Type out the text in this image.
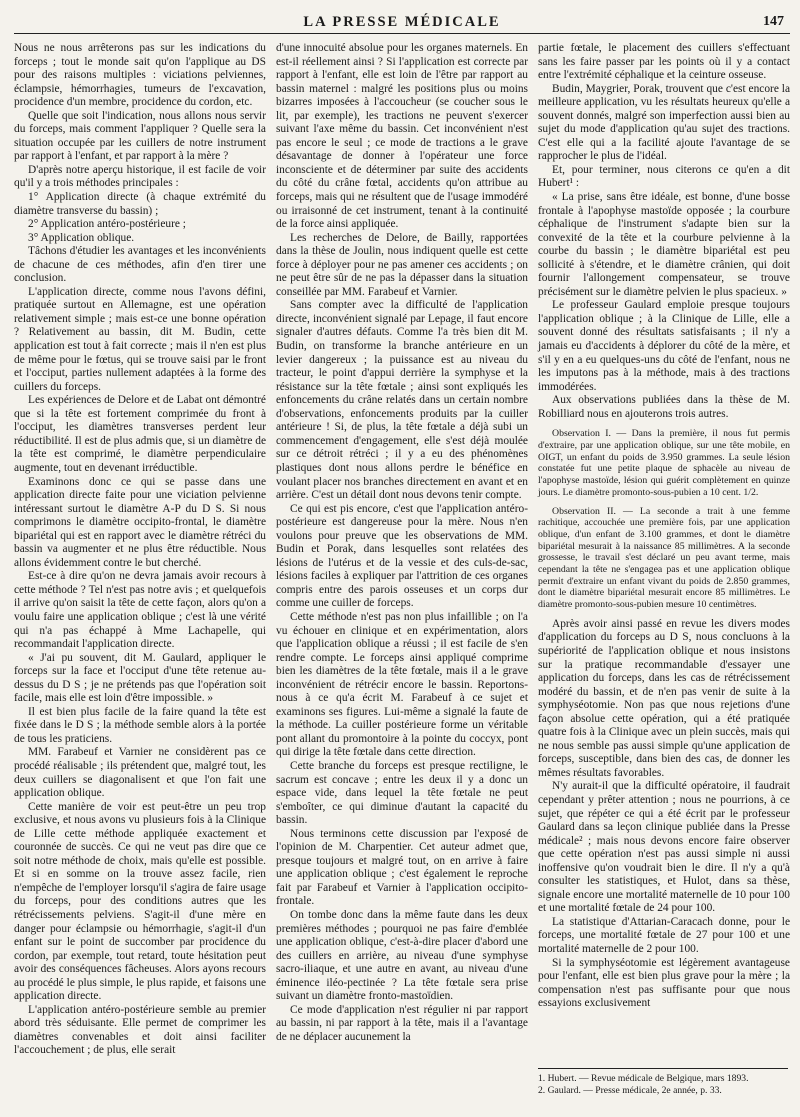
LA PRESSE MÉDICALE	147

Nous ne nous arrêterons pas sur les indications du forceps ; tout le monde sait qu'on l'applique au DS pour des raisons multiples : viciations pelviennes, éclampsie, hémorrhagies, tumeurs de l'excavation, procidence d'un membre, procidence du cordon, etc.

Quelle que soit l'indication, nous allons nous servir du forceps, mais comment l'appliquer ? Quelle sera la situation occupée par les cuillers de notre instrument par rapport à l'enfant, et par rapport à la mère ?

D'après notre aperçu historique, il est facile de voir qu'il y a trois méthodes principales :

1° Application directe (à chaque extrémité du diamètre transverse du bassin) ;

2° Application antéro-postérieure ;

3° Application oblique.

Tâchons d'étudier les avantages et les inconvénients de chacune de ces méthodes, afin d'en tirer une conclusion.

L'application directe, comme nous l'avons défini, pratiquée surtout en Allemagne, est une opération relativement simple ; mais est-ce une bonne opération ? Relativement au bassin, dit M. Budin, cette application est tout à fait correcte ; mais il n'en est plus de même pour le fœtus, qui se trouve saisi par le front et l'occiput, parties nullement adaptées à la forme des cuillers du forceps.

Les expériences de Delore et de Labat ont démontré que si la tête est fortement comprimée du front à l'occiput, les diamètres transverses perdent leur réductibilité. Il est de plus admis que, si un diamètre de la tête est comprimé, le diamètre perpendiculaire augmente, tout en devenant irréductible.

Examinons donc ce qui se passe dans une application directe faite pour une viciation pelvienne intéressant surtout le diamètre A-P du D S. Si nous comprimons le diamètre occipito-frontal, le diamètre bipariétal qui est en rapport avec le diamètre rétréci du bassin va augmenter et ne plus être réductible. Nous allons évidemment contre le but cherché.

Est-ce à dire qu'on ne devra jamais avoir recours à cette méthode ? Tel n'est pas notre avis ; et quelquefois il arrive qu'on saisit la tête de cette façon, alors qu'on a voulu faire une application oblique ; c'est là une vérité qui n'a pas échappé à Mme Lachapelle, qui recommandait l'application directe.

« J'ai pu souvent, dit M. Gaulard, appliquer le forceps sur la face et l'occiput d'une tête retenue au-dessus du D S ; je ne prétends pas que l'opération soit facile, mais elle est loin d'être impossible. »

Il est bien plus facile de la faire quand la tête est fixée dans le D S ; la méthode semble alors à la portée de tous les praticiens.

MM. Farabeuf et Varnier ne considèrent pas ce procédé réalisable ; ils prétendent que, malgré tout, les deux cuillers se diagonalisent et que l'on fait une application oblique.

Cette manière de voir est peut-être un peu trop exclusive, et nous avons vu plusieurs fois à la Clinique de Lille cette méthode appliquée exactement et couronnée de succès. Ce qui ne veut pas dire que ce soit notre méthode de choix, mais qu'elle est possible. Et si en somme on la trouve assez facile, rien n'empêche de l'employer lorsqu'il s'agira de faire usage du forceps, pour des conditions autres que les rétrécissements pelviens. S'agit-il d'une mère en danger pour éclampsie ou hémorrhagie, s'agit-il d'un enfant sur le point de succomber par procidence du cordon, par exemple, tout retard, toute hésitation peut avoir des conséquences fâcheuses. Alors ayons recours au procédé le plus simple, le plus rapide, et faisons une application directe.

L'application antéro-postérieure semble au premier abord très séduisante. Elle permet de comprimer les diamètres convenables et doit ainsi faciliter l'accouchement ; de plus, elle serait

d'une innocuité absolue pour les organes maternels. En est-il réellement ainsi ? Si l'application est correcte par rapport à l'enfant, elle est loin de l'être par rapport au bassin maternel : malgré les positions plus ou moins bizarres imposées à l'accoucheur (se coucher sous le lit, par exemple), les tractions ne peuvent s'exercer suivant l'axe même du bassin. Cet inconvénient n'est pas encore le seul ; ce mode de tractions a le grave désavantage de donner à l'opérateur une force inconsciente et de déterminer par suite des accidents du côté du crâne fœtal, accidents qu'on attribue au forceps, mais qui ne résultent que de l'usage immodéré ou irraisonné de cet instrument, tenant à la continuité de la force ainsi appliquée.

Les recherches de Delore, de Bailly, rapportées dans la thèse de Joulin, nous indiquent quelle est cette force à déployer pour ne pas amener ces accidents ; on ne peut être sûr de ne pas la dépasser dans la situation conseillée par MM. Farabeuf et Varnier.

Sans compter avec la difficulté de l'application directe, inconvénient signalé par Lepage, il faut encore signaler d'autres défauts. Comme l'a très bien dit M. Budin, on transforme la branche antérieure en un levier dangereux ; la puissance est au niveau du tracteur, le point d'appui derrière la symphyse et la résistance sur la tête fœtale ; ainsi sont expliqués les enfoncements du crâne relatés dans un certain nombre d'observations, enfoncements produits par la cuiller antérieure ! Si, de plus, la tête fœtale a déjà subi un commencement d'engagement, elle s'est déjà moulée sur ce détroit rétréci ; il y a eu des phénomènes plastiques dont nous allons perdre le bénéfice en voulant placer nos branches directement en avant et en arrière. C'est un détail dont nous devons tenir compte.

Ce qui est pis encore, c'est que l'application antéro-postérieure est dangereuse pour la mère. Nous n'en voulons pour preuve que les observations de MM. Budin et Porak, dans lesquelles sont relatées des lésions de l'utérus et de la vessie et des culs-de-sac, lésions faciles à expliquer par l'attrition de ces organes compris entre des parois osseuses et un corps dur comme une cuiller de forceps.

Cette méthode n'est pas non plus infaillible ; on l'a vu échouer en clinique et en expérimentation, alors que l'application oblique a réussi ; il est facile de s'en rendre compte. Le forceps ainsi appliqué comprime bien les diamètres de la tête fœtale, mais il a le grave inconvénient de rétrécir encore le bassin. Reportons-nous à ce qu'a écrit M. Farabeuf à ce sujet et examinons ses figures. Lui-même a signalé la faute de la méthode. La cuiller postérieure forme un véritable pont allant du promontoire à la pointe du coccyx, pont qui dirige la tête fœtale dans cette direction.

Cette branche du forceps est presque rectiligne, le sacrum est concave ; entre les deux il y a donc un espace vide, dans lequel la tête fœtale ne peut s'emboîter, ce qui diminue d'autant la capacité du bassin.

Nous terminons cette discussion par l'exposé de l'opinion de M. Charpentier. Cet auteur admet que, presque toujours et malgré tout, on en arrive à faire une application oblique ; c'est également le reproche fait par Farabeuf et Varnier à l'application occipito-frontale.

On tombe donc dans la même faute dans les deux premières méthodes ; pourquoi ne pas faire d'emblée une application oblique, c'est-à-dire placer d'abord une des cuillers en arrière, au niveau d'une symphyse sacro-iliaque, et une autre en avant, au niveau d'une éminence iléo-pectinée ? La tête fœtale sera prise suivant un diamètre fronto-mastoïdien.

Ce mode d'application n'est régulier ni par rapport au bassin, ni par rapport à la tête, mais il a l'avantage de ne déplacer aucunement la

partie fœtale, le placement des cuillers s'effectuant sans les faire passer par les points où il y a contact entre l'extrémité céphalique et la ceinture osseuse.

Budin, Maygrier, Porak, trouvent que c'est encore la meilleure application, vu les résultats heureux qu'elle a souvent donnés, malgré son imperfection aussi bien au sujet du mode d'application qu'au sujet des tractions. C'est elle qui a la facilité ajoute l'avantage de se rapprocher le plus de l'idéal.

Et, pour terminer, nous citerons ce qu'en a dit Hubert¹ :

« La prise, sans être idéale, est bonne, d'une bosse frontale à l'apophyse mastoïde opposée ; la courbure céphalique de l'instrument s'adapte bien sur la convexité de la tête et la courbure pelvienne à la courbe du bassin ; le diamètre bipariétal est peu sollicité à s'étendre, et le diamètre crânien, qui doit fournir l'allongement compensateur, se trouve précisément sur le diamètre pelvien le plus spacieux. »

Le professeur Gaulard emploie presque toujours l'application oblique ; à la Clinique de Lille, elle a souvent donné des résultats satisfaisants ; il n'y a jamais eu d'accidents à déplorer du côté de la mère, et s'il y en a eu quelques-uns du côté de l'enfant, nous ne les imputons pas à la méthode, mais à des tractions immodérées.

Aux observations publiées dans la thèse de M. Robilliard nous en ajouterons trois autres.

Observation I. — Dans la première, il nous fut permis d'extraire, par une application oblique, sur une tête mobile, en OIGT, un enfant du poids de 3.950 grammes. La seule lésion constatée fut une petite plaque de sphacèle au niveau de l'apophyse mastoïde, lésion qui guérit complètement en quinze jours. Le diamètre promonto-sous-pubien a 10 cent. 1/2.

Observation II. — La seconde a trait à une femme rachitique, accouchée une première fois, par une application oblique, d'un enfant de 3.100 grammes, et dont le diamètre bipariétal mesurait à la naissance 85 millimètres. A la seconde grossesse, le travail s'est déclaré un peu avant terme, mais cependant la tête ne s'engagea pas et une application oblique permit d'extraire un enfant vivant du poids de 2.850 grammes, dont le diamètre bipariétal mesurait encore 85 millimètres. Le diamètre promonto-sous-pubien mesure 10 centimètres.

Après avoir ainsi passé en revue les divers modes d'application du forceps au D S, nous concluons à la supériorité de l'application oblique et nous insistons sur la pratique recommandable d'essayer une application du forceps, dans les cas de rétrécissement modéré du bassin, et de n'en pas venir de suite à la symphyséotomie. Non pas que nous rejetions d'une façon absolue cette opération, qui a été pratiquée quatre fois à la Clinique avec un plein succès, mais qui ne nous semble pas aussi simple qu'une application de forceps, susceptible, dans bien des cas, de donner les mêmes résultats favorables.

N'y aurait-il que la difficulté opératoire, il faudrait cependant y prêter attention ; nous ne pourrions, à ce sujet, que répéter ce qui a été écrit par le professeur Gaulard dans sa leçon clinique publiée dans la Presse médicale² ; mais nous devons encore faire observer que cette opération n'est pas aussi simple ni aussi inoffensive qu'on voudrait bien le dire. Il n'y a qu'à consulter les statistiques, et Hulot, dans sa thèse, signale encore une mortalité maternelle de 10 pour 100 et une mortalité fœtale de 24 pour 100.

La statistique d'Attarian-Caracach donne, pour le forceps, une mortalité fœtale de 27 pour 100 et une mortalité maternelle de 2 pour 100.

Si la symphyséotomie est légèrement avantageuse pour l'enfant, elle est bien plus grave pour la mère ; la compensation n'est pas suffisante pour que nous essayions exclusivement

1. Hubert. — Revue médicale de Belgique, mars 1893.
2. Gaulard. — Presse médicale, 2e année, p. 33.
